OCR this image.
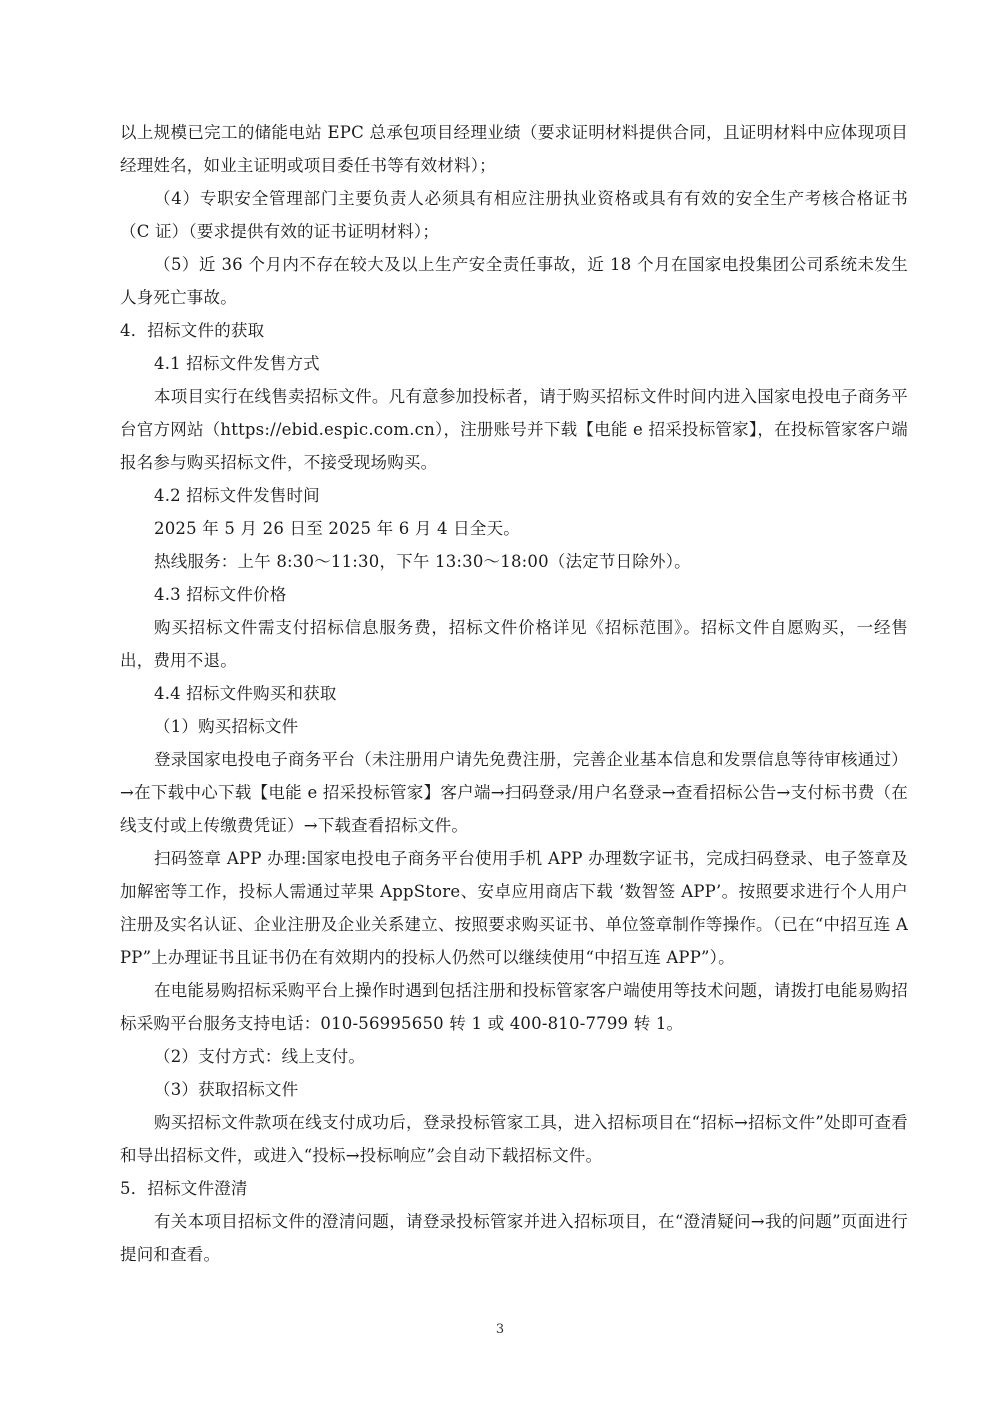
以上规模已完工的储能电站 EPC 总承包项目经理业绩（要求证明材料提供合同，且证明材料中应体现项目经理姓名，如业主证明或项目委任书等有效材料）；

（4）专职安全管理部门主要负责人必须具有相应注册执业资格或具有有效的安全生产考核合格证书（C 证）（要求提供有效的证书证明材料）；

（5）近 36 个月内不存在较大及以上生产安全责任事故，近 18 个月在国家电投集团公司系统未发生人身死亡事故。

4．招标文件的获取

4.1 招标文件发售方式

本项目实行在线售卖招标文件。凡有意参加投标者，请于购买招标文件时间内进入国家电投电子商务平台官方网站（https://ebid.espic.com.cn），注册账号并下载【电能 e 招采投标管家】，在投标管家客户端报名参与购买招标文件，不接受现场购买。

4.2 招标文件发售时间

2025 年 5 月 26 日至 2025 年 6 月 4 日全天。

热线服务：上午 8:30～11:30，下午 13:30～18:00（法定节日除外）。

4.3 招标文件价格

购买招标文件需支付招标信息服务费，招标文件价格详见《招标范围》。招标文件自愿购买，一经售出，费用不退。

4.4 招标文件购买和获取

（1）购买招标文件

登录国家电投电子商务平台（未注册用户请先免费注册，完善企业基本信息和发票信息等待审核通过）→在下载中心下载【电能 e 招采投标管家】客户端→扫码登录/用户名登录→查看招标公告→支付标书费（在线支付或上传缴费凭证）→下载查看招标文件。

扫码签章 APP 办理:国家电投电子商务平台使用手机 APP 办理数字证书，完成扫码登录、电子签章及加解密等工作，投标人需通过苹果 AppStore、安卓应用商店下载 ‘数智签 APP’。按照要求进行个人用户注册及实名认证、企业注册及企业关系建立、按照要求购买证书、单位签章制作等操作。（已在“中招互连 APP”上办理证书且证书仍在有效期内的投标人仍然可以继续使用“中招互连 APP”）。

在电能易购招标采购平台上操作时遇到包括注册和投标管家客户端使用等技术问题，请拨打电能易购招标采购平台服务支持电话：010-56995650 转 1 或 400-810-7799 转 1。

（2）支付方式：线上支付。

（3）获取招标文件

购买招标文件款项在线支付成功后，登录投标管家工具，进入招标项目在“招标→招标文件”处即可查看和导出招标文件，或进入“投标→投标响应”会自动下载招标文件。

5．招标文件澄清

有关本项目招标文件的澄清问题，请登录投标管家并进入招标项目，在“澄清疑问→我的问题”页面进行提问和查看。

3
